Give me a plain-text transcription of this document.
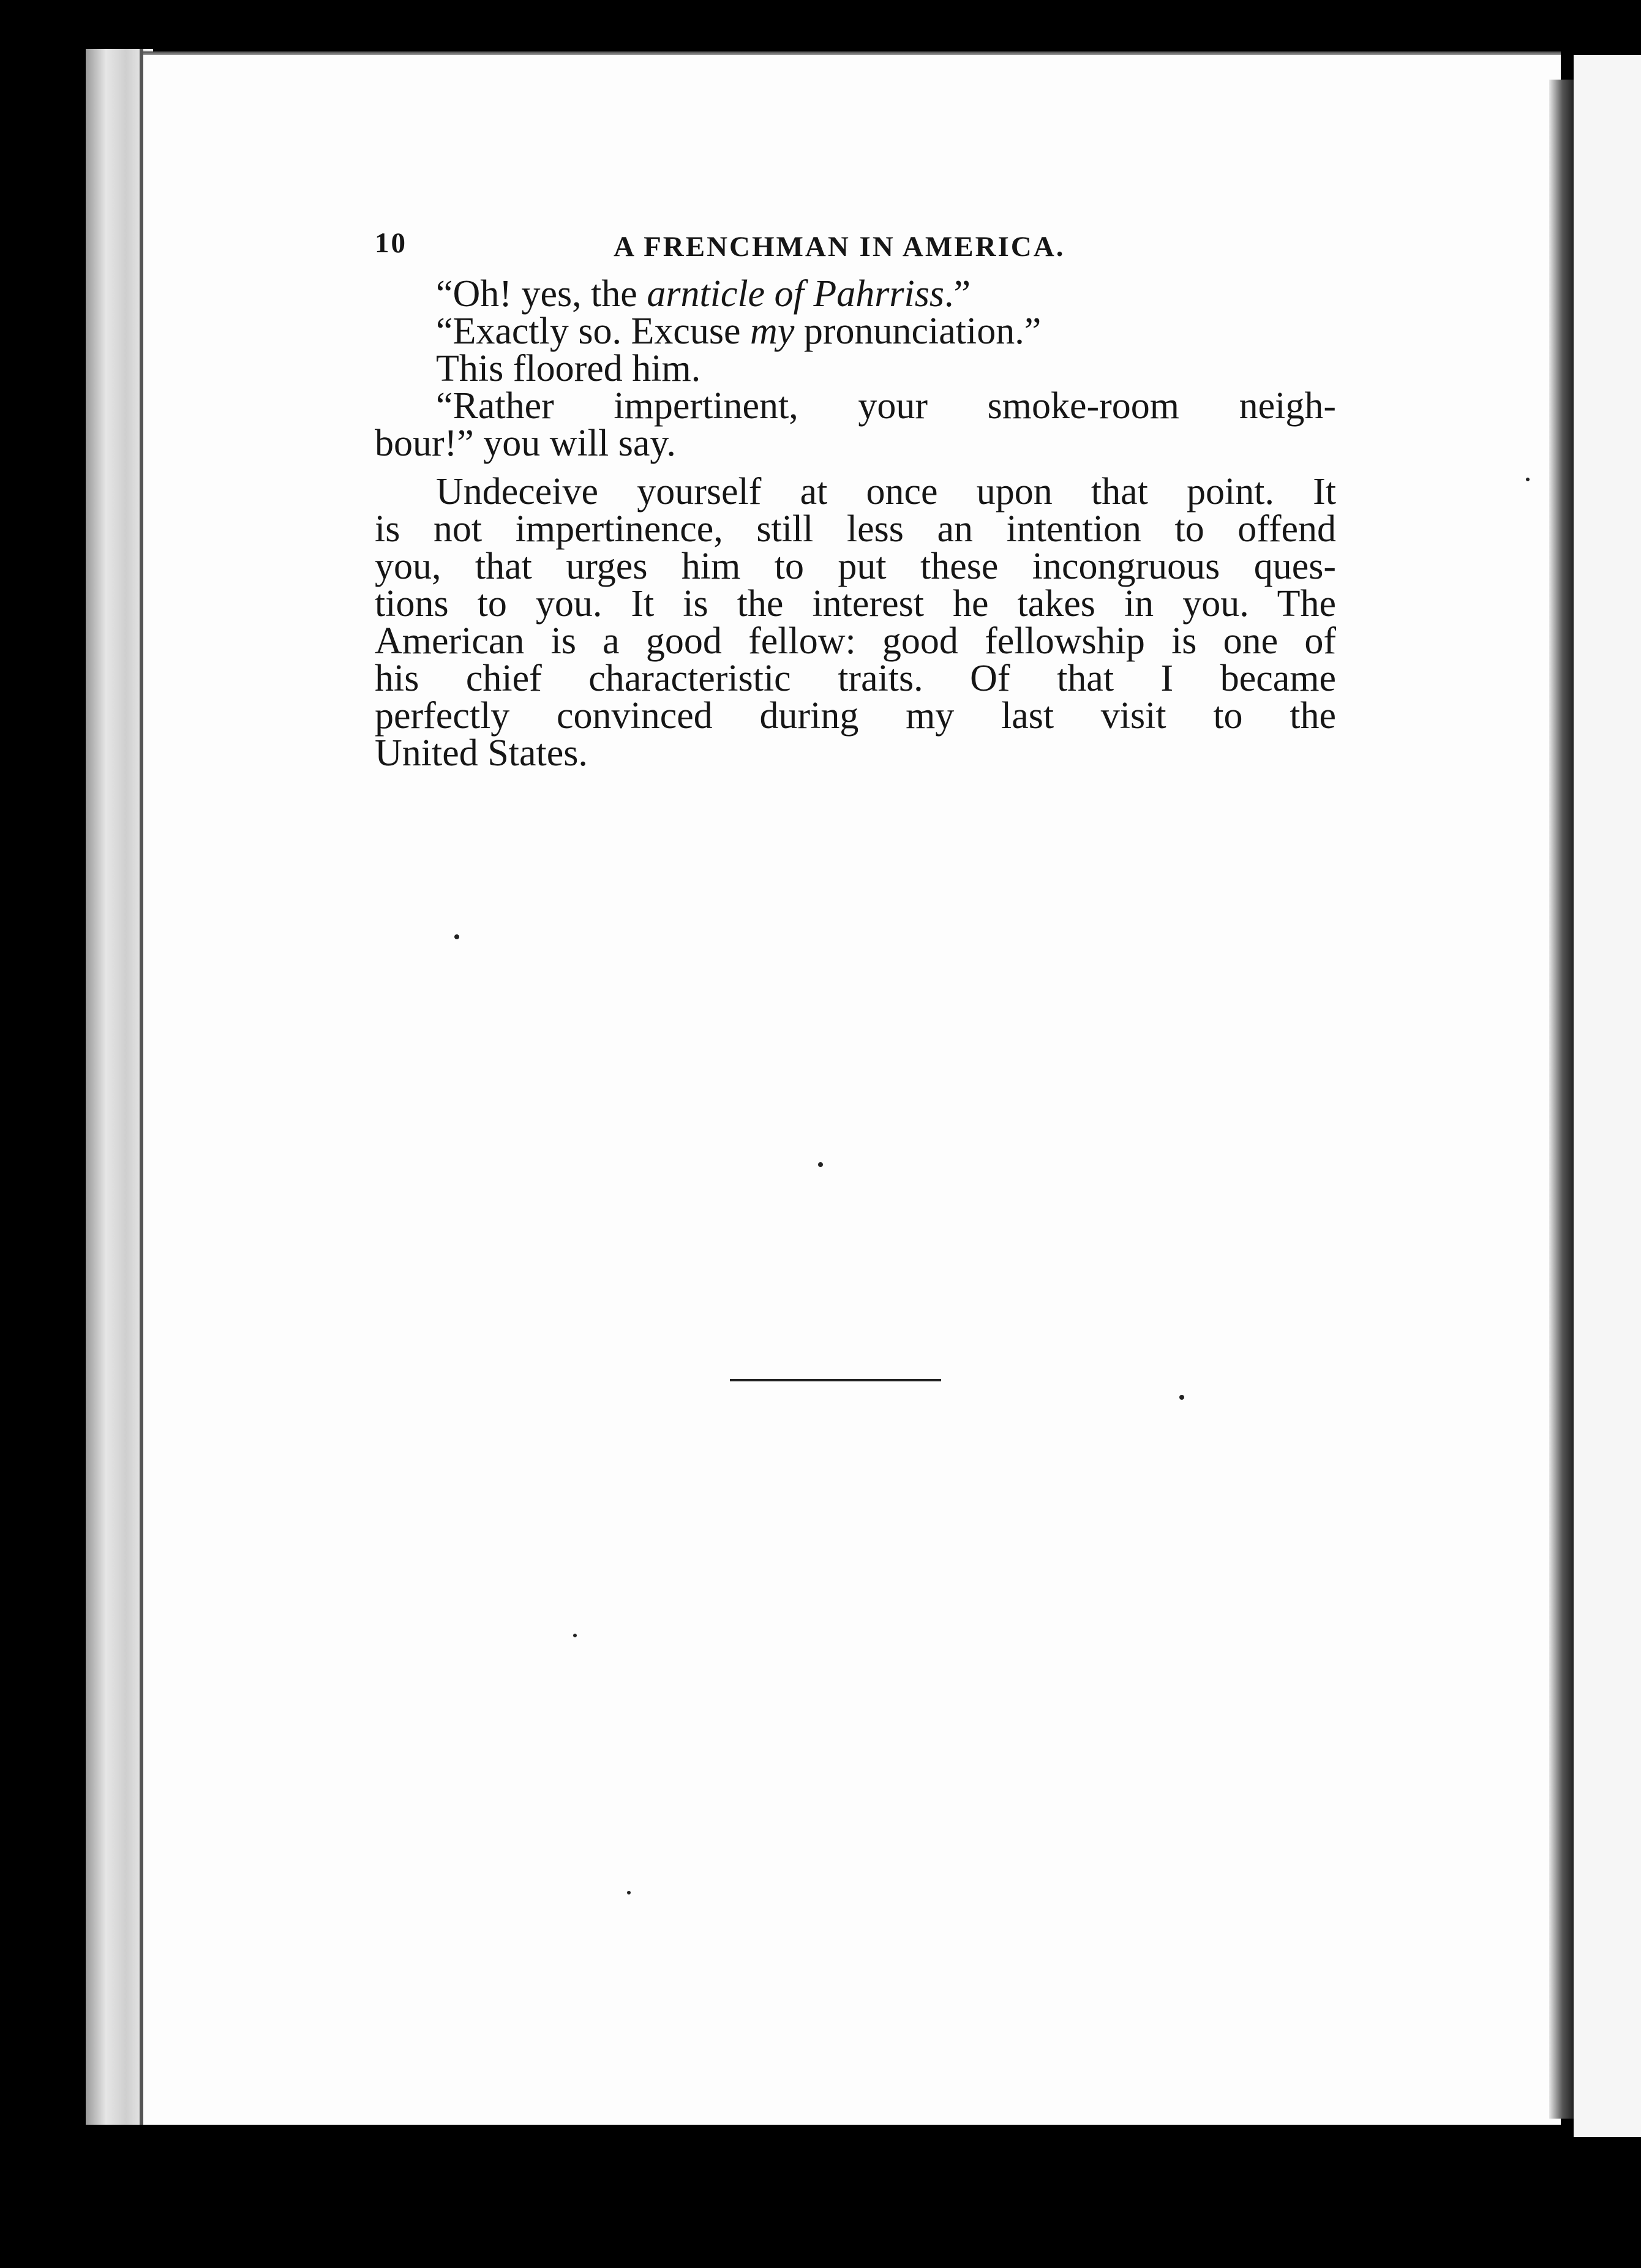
10	A FRENCHMAN IN AMERICA.
“Oh! yes, the arnticle of Pahrriss.”
“Exactly so. Excuse my pronunciation.”
This floored him.
“Rather impertinent, your smoke-room neigh-
bour!” you will say.
Undeceive yourself at once upon that point. It
is not impertinence, still less an intention to offend
you, that urges him to put these incongruous ques-
tions to you. It is the interest he takes in you. The
American is a good fellow: good fellowship is one of
his chief characteristic traits. Of that I became
perfectly convinced during my last visit to the
United States.
